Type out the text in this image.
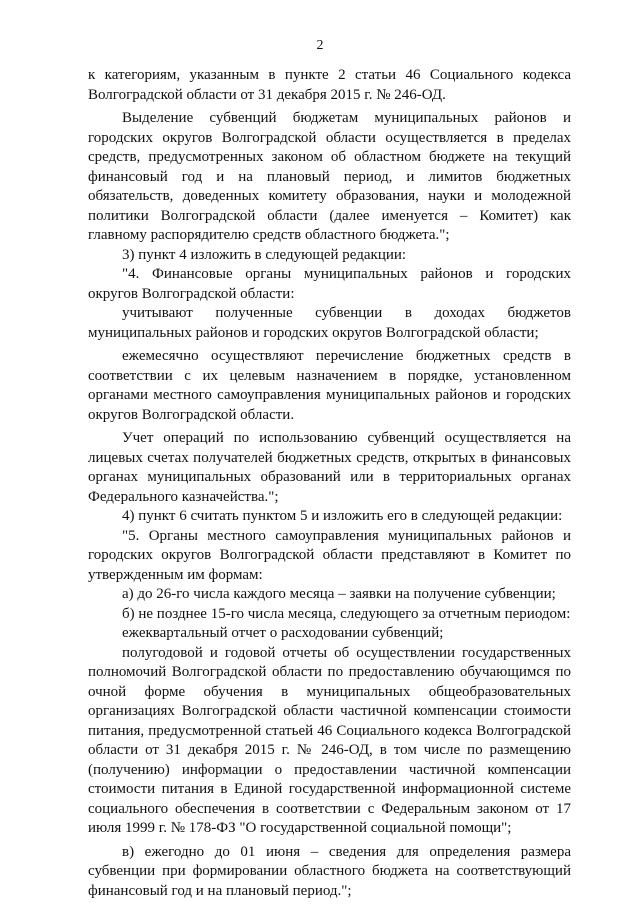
2

к категориям, указанным в пункте 2 статьи 46 Социального кодекса Волгоградской области от 31 декабря 2015 г. № 246-ОД.

Выделение субвенций бюджетам муниципальных районов и городских округов Волгоградской области осуществляется в пределах средств, предусмотренных законом об областном бюджете на текущий финансовый год и на плановый период, и лимитов бюджетных обязательств, доведенных комитету образования, науки и молодежной политики Волгоградской области (далее именуется – Комитет) как главному распорядителю средств областного бюджета.";

3) пункт 4 изложить в следующей редакции:

"4. Финансовые органы муниципальных районов и городских округов Волгоградской области:

учитывают полученные субвенции в доходах бюджетов муниципальных районов и городских округов Волгоградской области;

ежемесячно осуществляют перечисление бюджетных средств в соответствии с их целевым назначением в порядке, установленном органами местного самоуправления муниципальных районов и городских округов Волгоградской области.

Учет операций по использованию субвенций осуществляется на лицевых счетах получателей бюджетных средств, открытых в финансовых органах муниципальных образований или в территориальных органах Федерального казначейства.";

4) пункт 6 считать пунктом 5 и изложить его в следующей редакции:

"5. Органы местного самоуправления муниципальных районов и городских округов Волгоградской области представляют в Комитет по утвержденным им формам:

а) до 26-го числа каждого месяца – заявки на получение субвенции;

б) не позднее 15-го числа месяца, следующего за отчетным периодом:

ежеквартальный отчет о расходовании субвенций;

полугодовой и годовой отчеты об осуществлении государственных полномочий Волгоградской области по предоставлению обучающимся по очной форме обучения в муниципальных общеобразовательных организациях Волгоградской области частичной компенсации стоимости питания, предусмотренной статьей 46 Социального кодекса Волгоградской области от 31 декабря 2015 г. № 246-ОД, в том числе по размещению (получению) информации о предоставлении частичной компенсации стоимости питания в Единой государственной информационной системе социального обеспечения в соответствии с Федеральным законом от 17 июля 1999 г. № 178-ФЗ "О государственной социальной помощи";

в) ежегодно до 01 июня – сведения для определения размера субвенции при формировании областного бюджета на соответствующий финансовый год и на плановый период.";
